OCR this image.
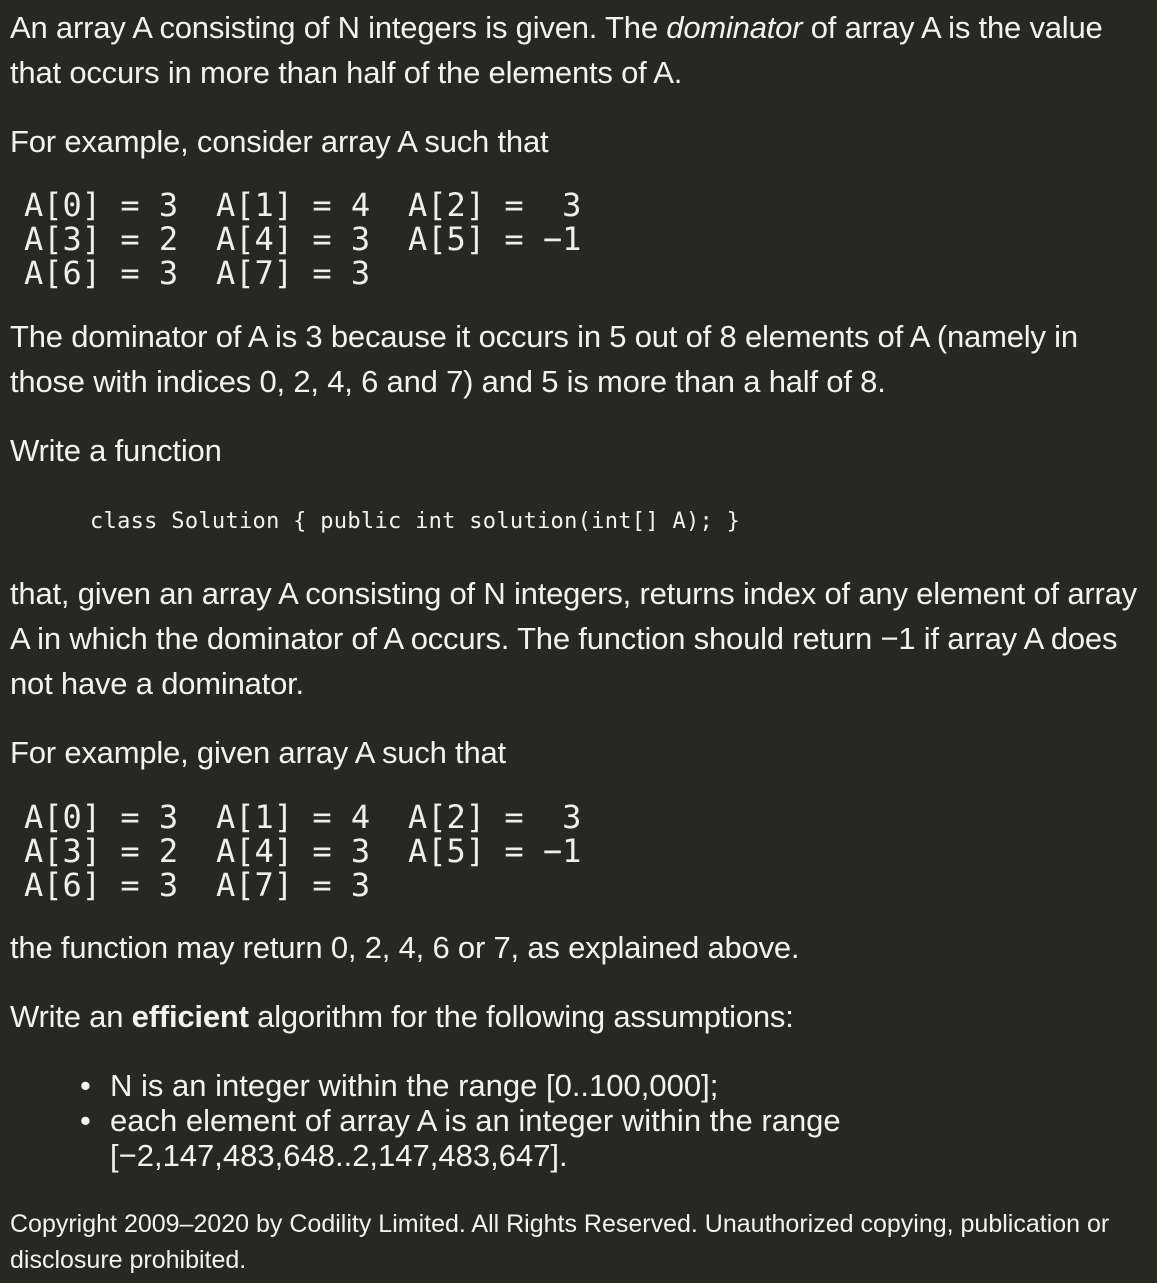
An array A consisting of N integers is given. The dominator of array A is the value that occurs in more than half of the elements of A.

For example, consider array A such that

A[0] = 3	A[1] = 4	A[2] =  3
A[3] = 2	A[4] = 3	A[5] = −1
A[6] = 3	A[7] = 3

The dominator of A is 3 because it occurs in 5 out of 8 elements of A (namely in those with indices 0, 2, 4, 6 and 7) and 5 is more than a half of 8.

Write a function

class Solution { public int solution(int[] A); }

that, given an array A consisting of N integers, returns index of any element of array A in which the dominator of A occurs. The function should return −1 if array A does not have a dominator.

For example, given array A such that

A[0] = 3	A[1] = 4	A[2] =  3
A[3] = 2	A[4] = 3	A[5] = −1
A[6] = 3	A[7] = 3

the function may return 0, 2, 4, 6 or 7, as explained above.

Write an efficient algorithm for the following assumptions:

• N is an integer within the range [0..100,000];
• each element of array A is an integer within the range [−2,147,483,648..2,147,483,647].

Copyright 2009–2020 by Codility Limited. All Rights Reserved. Unauthorized copying, publication or disclosure prohibited.
